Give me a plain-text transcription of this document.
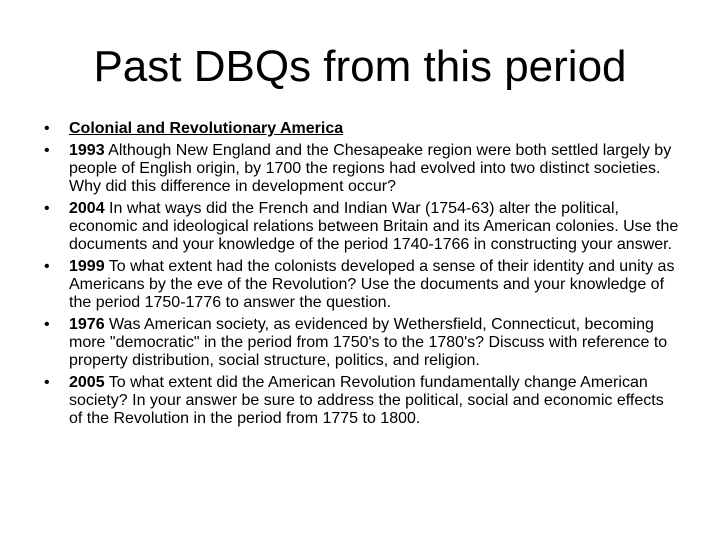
Past DBQs from this period
• Colonial and Revolutionary America
• 1993 Although New England and the Chesapeake region were both settled largely by people of English origin, by 1700 the regions had evolved into two distinct societies. Why did this difference in development occur?
• 2004 In what ways did the French and Indian War (1754-63) alter the political, economic and ideological relations between Britain and its American colonies. Use the documents and your knowledge of the period 1740-1766 in constructing your answer.
• 1999 To what extent had the colonists developed a sense of their identity and unity as Americans by the eve of the Revolution? Use the documents and your knowledge of the period 1750-1776 to answer the question.
• 1976 Was American society, as evidenced by Wethersfield, Connecticut, becoming more "democratic" in the period from 1750's to the 1780's? Discuss with reference to property distribution, social structure, politics, and religion.
• 2005 To what extent did the American Revolution fundamentally change American society? In your answer be sure to address the political, social and economic effects of the Revolution in the period from 1775 to 1800.
